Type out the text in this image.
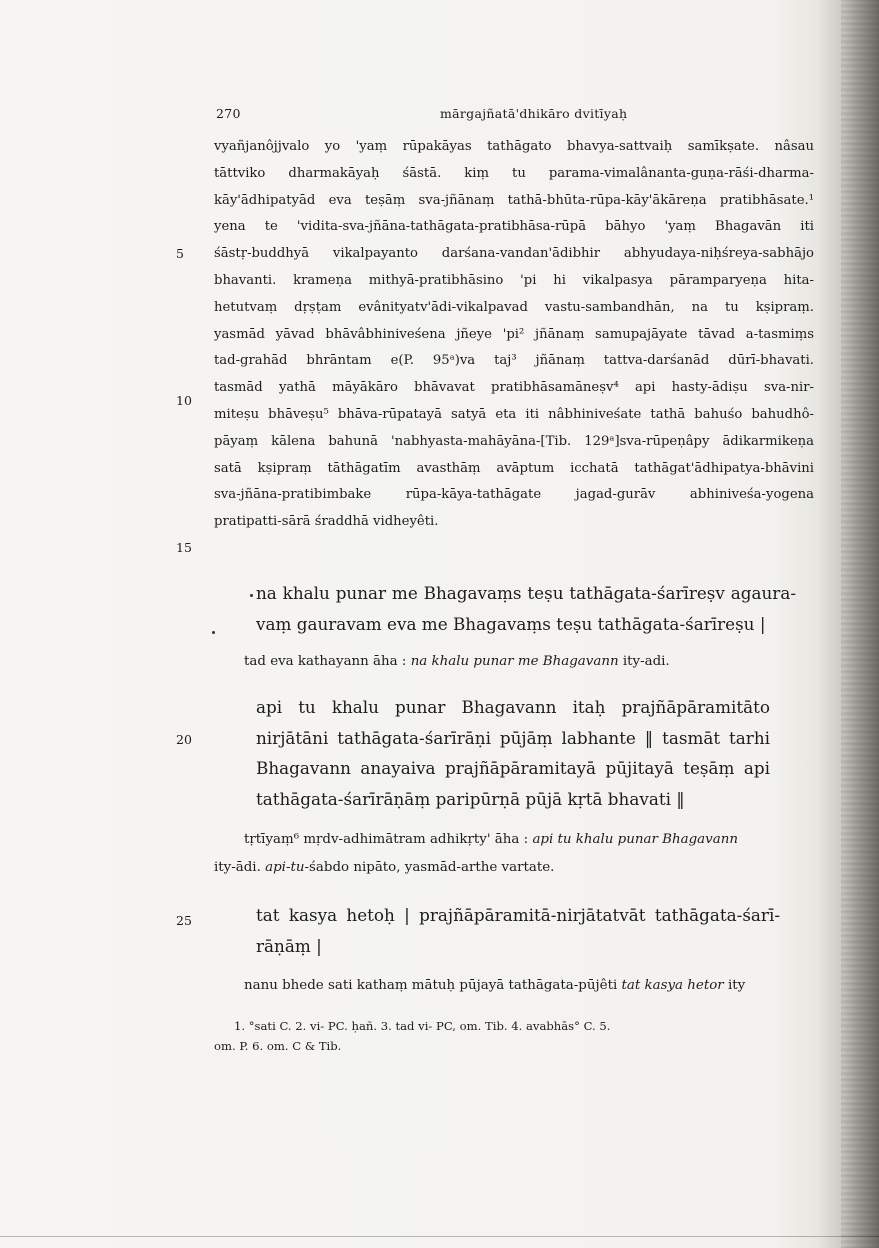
270	mārgajñatā'dhikāro dvitīyaḥ
vyañjanôjjvalo yo 'yaṃ rūpakāyas tathāgato bhavya-sattvaiḥ samīkṣate. nâsau
tāttviko dharmakāyaḥ śāstā. kiṃ tu parama-vimalânanta-guṇa-rāśi-dharma-
kāy'ādhipatyād eva teṣāṃ sva-jñānaṃ tathā-bhūta-rūpa-kāy'ākāreṇa pratibhāsate.¹
yena te 'vidita-sva-jñāna-tathāgata-pratibhāsa-rūpā bāhyo 'yaṃ Bhagavān iti
śāstṛ-buddhyā vikalpayanto darśana-vandan'ādibhir abhyudaya-niḥśreya-sabhājo
bhavanti. krameṇa mithyā-pratibhāsino 'pi hi vikalpasya pāramparyeṇa hita-
hetutvaṃ dṛṣṭam evânityatv'ādi-vikalpavad vastu-sambandhān, na tu kṣipraṃ.
yasmād yāvad bhāvâbhiniveśena jñeye 'pi² jñānaṃ samupajāyate tāvad a-tasmiṃs
tad-grahād bhrāntam e(P. 95ᵃ)va taj³ jñānaṃ tattva-darśanād dūrī-bhavati.
tasmād yathā māyākāro bhāvavat pratibhāsamāneṣv⁴ api hasty-ādiṣu sva-nir-
miteṣu bhāveṣu⁵ bhāva-rūpatayā satyā eta iti nâbhiniveśate tathā bahuśo bahudhô-
pāyaṃ kālena bahunā 'nabhyasta-mahāyāna-[Tib. 129ᵃ]sva-rūpeṇâpy ādikarmikeṇa
satā kṣipraṃ tāthāgatīm avasthāṃ avāptum icchatā tathāgat'ādhipatya-bhāvini
sva-jñāna-pratibimbake rūpa-kāya-tathāgate jagad-gurāv abhiniveśa-yogena
pratipatti-sārā śraddhā vidheyêti.
na khalu punar me Bhagavaṃs teṣu tathāgata-śarīreṣv agaura-
vaṃ gauravam eva me Bhagavaṃs teṣu tathāgata-śarīreṣu |
tad eva kathayann āha : na khalu punar me Bhagavann ity-adi.
api tu khalu punar Bhagavann itaḥ prajñāpāramitāto
nirjātāni tathāgata-śarīrāṇi pūjāṃ labhante ‖ tasmāt tarhi
Bhagavann anayaiva prajñāpāramitayā pūjitayā teṣāṃ api
tathāgata-śarīrāṇāṃ paripūrṇā pūjā kṛtā bhavati ‖
tṛtīyaṃ⁶ mṛdv-adhimātram adhikṛty' āha : api tu khalu punar Bhagavann
ity-ādi. api-tu-śabdo nipāto, yasmād-arthe vartate.
tat kasya hetoḥ | prajñāpāramitā-nirjātatvāt tathāgata-śarī-
rāṇāṃ |
nanu bhede sati kathaṃ mātuḥ pūjayā tathāgata-pūjêti tat kasya hetor ity
5
10
15
20
25
1. °sati C. 2. vi- PC. ḥañ. 3. tad vi- PC, om. Tib. 4. avabhās° C. 5.
om. P. 6. om. C & Tib.
